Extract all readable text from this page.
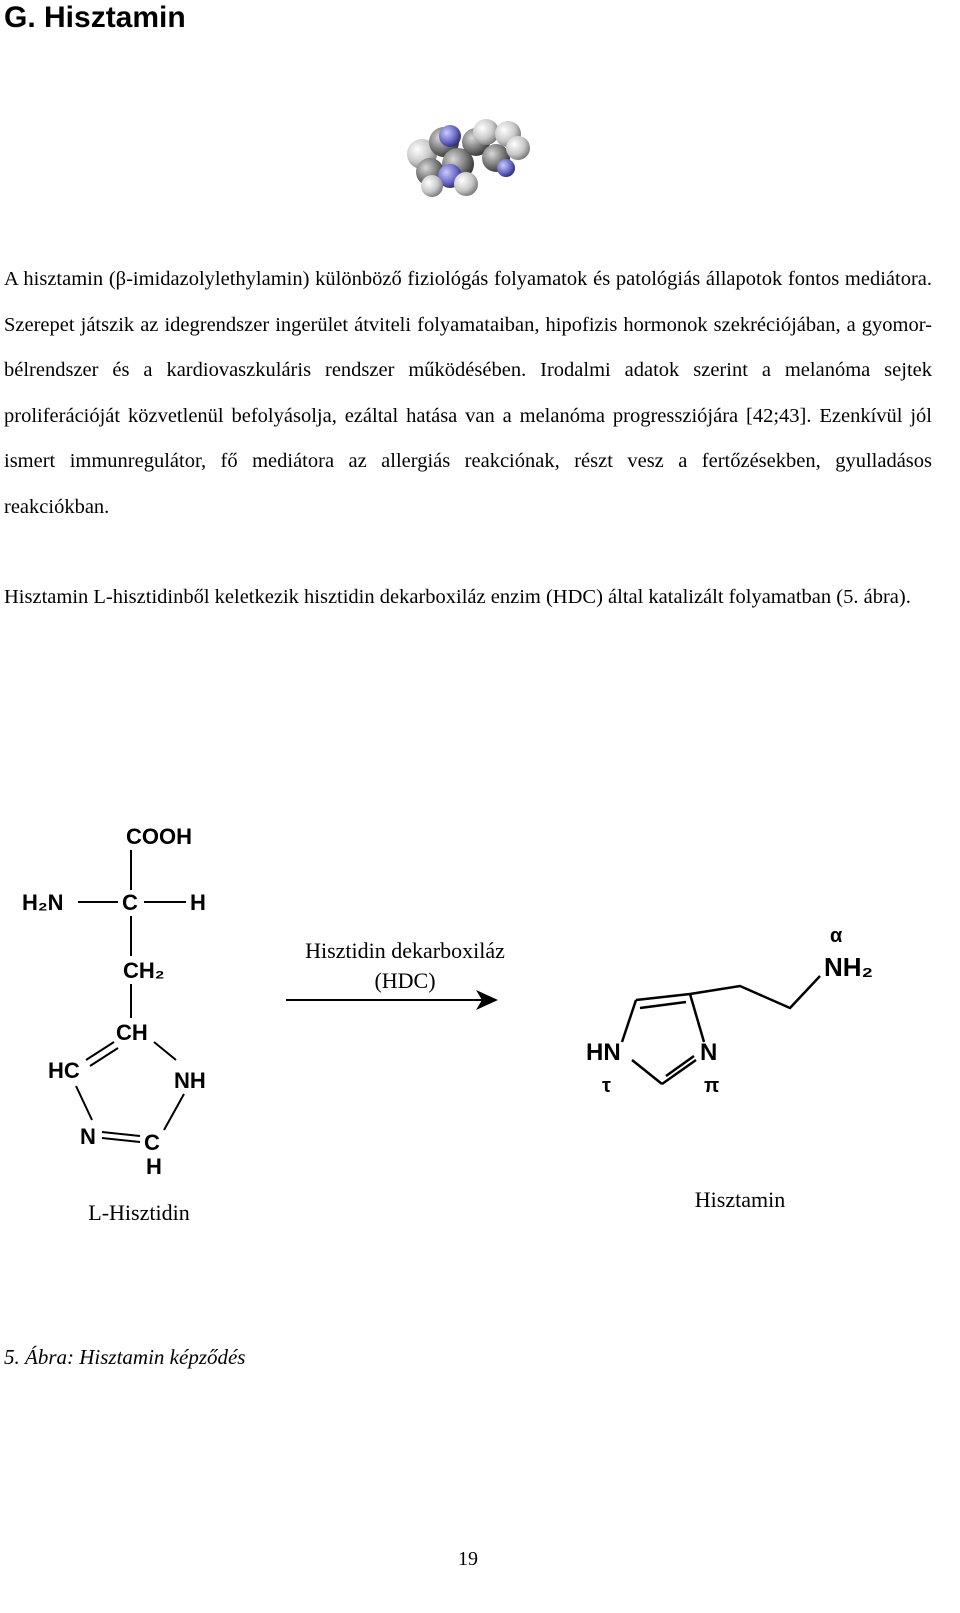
G. Hisztamin

A hisztamin (β-imidazolylethylamin) különböző fiziológás folyamatok és patológiás állapotok fontos mediátora. Szerepet játszik az idegrendszer ingerület átviteli folyamataiban, hipofizis hormonok szekréciójában, a gyomor-bélrendszer és a kardiovaszkuláris rendszer működésében. Irodalmi adatok szerint a melanóma sejtek proliferációját közvetlenül befolyásolja, ezáltal hatása van a melanóma progressziójára [42;43]. Ezenkívül jól ismert immunregulátor, fő mediátora az allergiás reakciónak, részt vesz a fertőzésekben, gyulladásos reakciókban.

Hisztamin L-hisztidinből keletkezik hisztidin dekarboxiláz enzim (HDC) által katalizált folyamatban (5. ábra).

COOH
H₂N	C H
CH₂
CH
HC	NH
N C
H
Hisztidin dekarboxiláz
(HDC)
α
NH₂
HN	N
τ	π
L-Hisztidin
Hisztamin

5. Ábra: Hisztamin képződés

19
